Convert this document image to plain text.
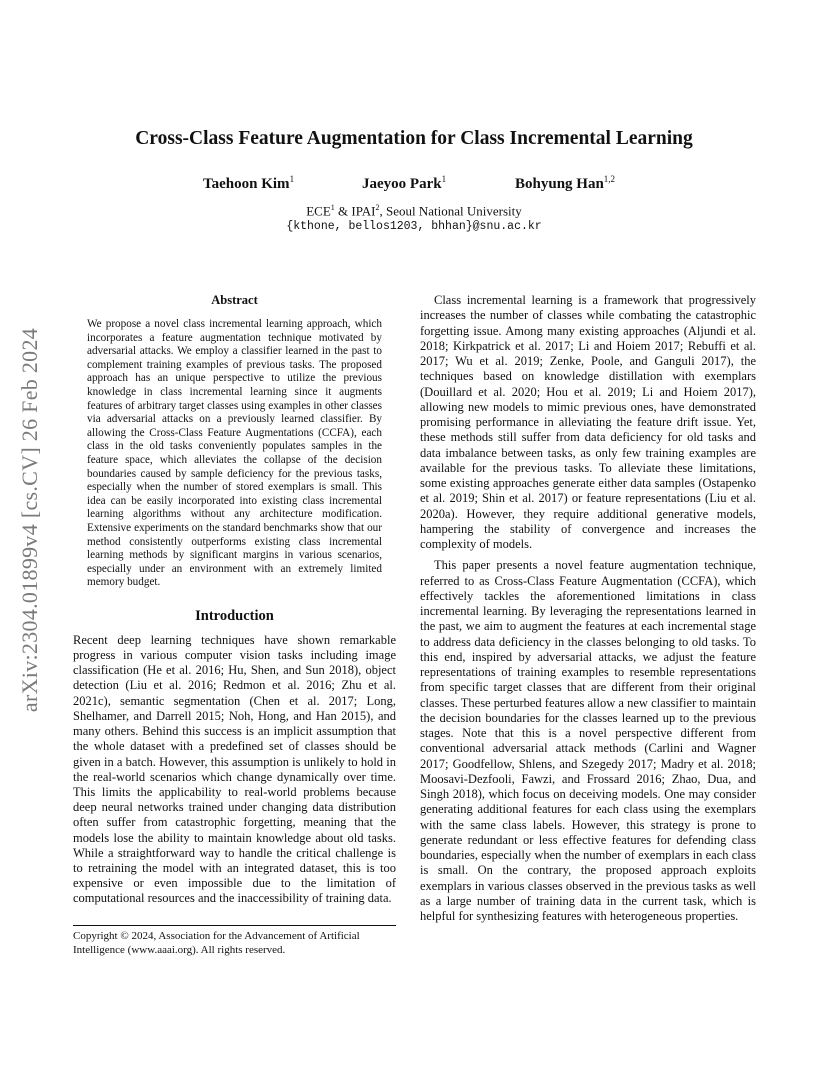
Cross-Class Feature Augmentation for Class Incremental Learning
Taehoon Kim$^1$	Jaeyoo Park$^1$	Bohyung Han$^{1,2}$
ECE$^1$ & IPAI$^2$, Seoul National University
{kthone, bellos1203, bhhan}@snu.ac.kr
arXiv:2304.01899v4 [cs.CV] 26 Feb 2024
Abstract

We propose a novel class incremental learning approach, which incorporates a feature augmentation technique motivated by adversarial attacks. We employ a classifier learned in the past to complement training examples of previous tasks. The proposed approach has an unique perspective to utilize the previous knowledge in class incremental learning since it augments features of arbitrary target classes using examples in other classes via adversarial attacks on a previously learned classifier. By allowing the Cross-Class Feature Augmentations (CCFA), each class in the old tasks conveniently populates samples in the feature space, which alleviates the collapse of the decision boundaries caused by sample deficiency for the previous tasks, especially when the number of stored exemplars is small. This idea can be easily incorporated into existing class incremental learning algorithms without any architecture modification. Extensive experiments on the standard benchmarks show that our method consistently outperforms existing class incremental learning methods by significant margins in various scenarios, especially under an environment with an extremely limited memory budget.

Introduction

Recent deep learning techniques have shown remarkable progress in various computer vision tasks including image classification (He et al. 2016; Hu, Shen, and Sun 2018), object detection (Liu et al. 2016; Redmon et al. 2016; Zhu et al. 2021c), semantic segmentation (Chen et al. 2017; Long, Shelhamer, and Darrell 2015; Noh, Hong, and Han 2015), and many others. Behind this success is an implicit assumption that the whole dataset with a predefined set of classes should be given in a batch. However, this assumption is unlikely to hold in the real-world scenarios which change dynamically over time. This limits the applicability to real-world problems because deep neural networks trained under changing data distribution often suffer from catastrophic forgetting, meaning that the models lose the ability to maintain knowledge about old tasks. While a straightforward way to handle the critical challenge is to retraining the model with an integrated dataset, this is too expensive or even impossible due to the limitation of computational resources and the inaccessibility of training data.

Copyright © 2024, Association for the Advancement of Artificial Intelligence (www.aaai.org). All rights reserved.

Class incremental learning is a framework that progressively increases the number of classes while combating the catastrophic forgetting issue. Among many existing approaches (Aljundi et al. 2018; Kirkpatrick et al. 2017; Li and Hoiem 2017; Rebuffi et al. 2017; Wu et al. 2019; Zenke, Poole, and Ganguli 2017), the techniques based on knowledge distillation with exemplars (Douillard et al. 2020; Hou et al. 2019; Li and Hoiem 2017), allowing new models to mimic previous ones, have demonstrated promising performance in alleviating the feature drift issue. Yet, these methods still suffer from data deficiency for old tasks and data imbalance between tasks, as only few training examples are available for the previous tasks. To alleviate these limitations, some existing approaches generate either data samples (Ostapenko et al. 2019; Shin et al. 2017) or feature representations (Liu et al. 2020a). However, they require additional generative models, hampering the stability of convergence and increases the complexity of models.

This paper presents a novel feature augmentation technique, referred to as Cross-Class Feature Augmentation (CCFA), which effectively tackles the aforementioned limitations in class incremental learning. By leveraging the representations learned in the past, we aim to augment the features at each incremental stage to address data deficiency in the classes belonging to old tasks. To this end, inspired by adversarial attacks, we adjust the feature representations of training examples to resemble representations from specific target classes that are different from their original classes. These perturbed features allow a new classifier to maintain the decision boundaries for the classes learned up to the previous stages. Note that this is a novel perspective different from conventional adversarial attack methods (Carlini and Wagner 2017; Goodfellow, Shlens, and Szegedy 2017; Madry et al. 2018; Moosavi-Dezfooli, Fawzi, and Frossard 2016; Zhao, Dua, and Singh 2018), which focus on deceiving models. One may consider generating additional features for each class using the exemplars with the same class labels. However, this strategy is prone to generate redundant or less effective features for defending class boundaries, especially when the number of exemplars in each class is small. On the contrary, the proposed approach exploits exemplars in various classes observed in the previous tasks as well as a large number of training data in the current task, which is helpful for synthesizing features with heterogeneous properties.
